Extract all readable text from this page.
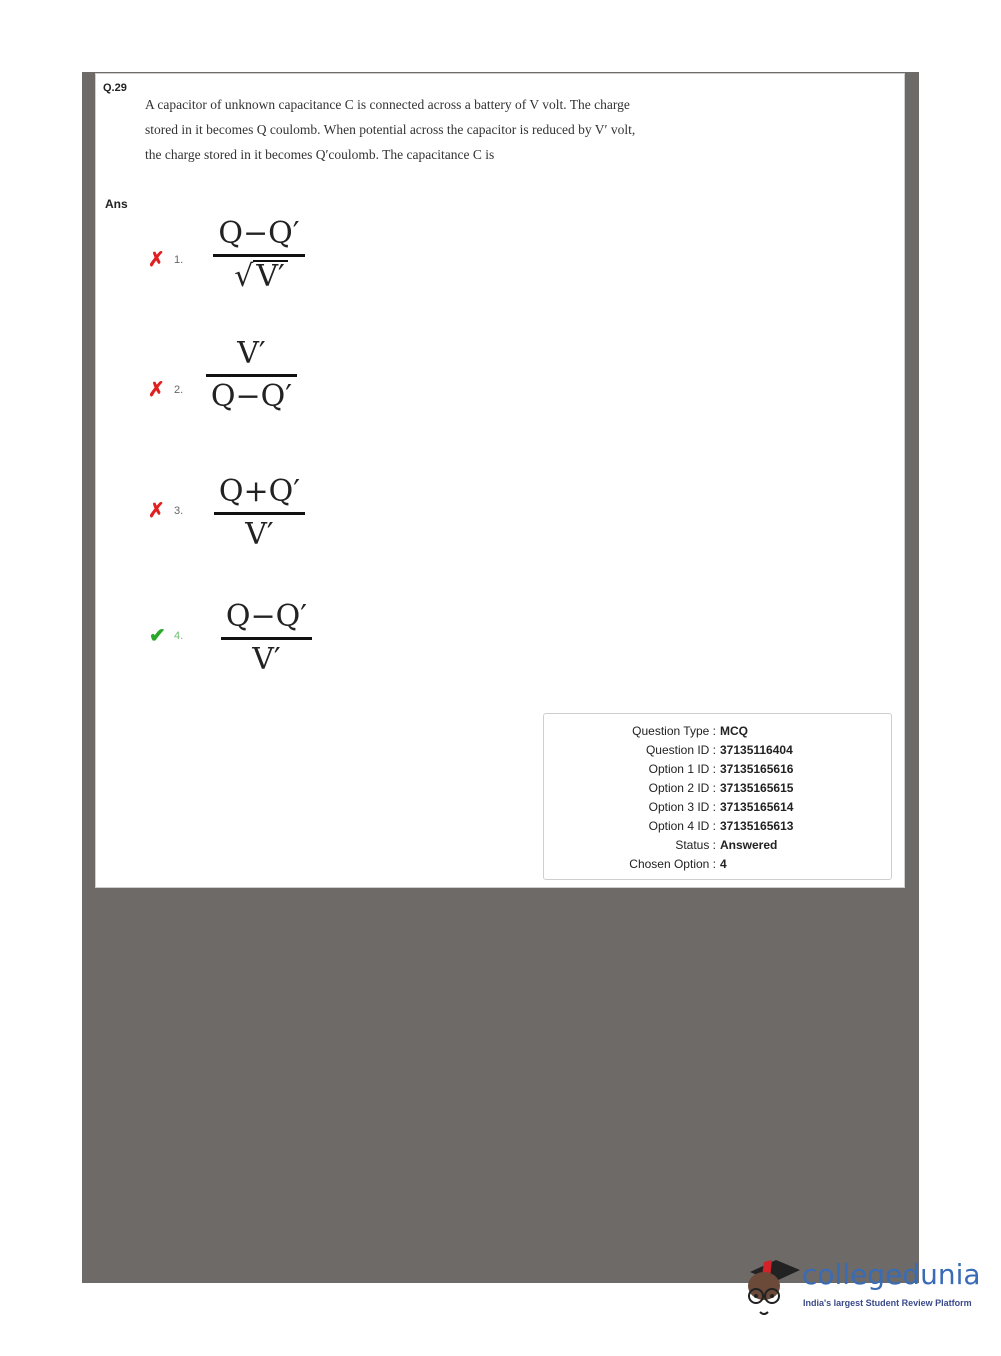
Q.29
A capacitor of unknown capacitance C is connected across a battery of V volt. The charge stored in it becomes Q coulomb. When potential across the capacitor is reduced by V′ volt, the charge stored in it becomes Q′coulomb. The capacitance C is
Ans
✗ 1.
Q−Q′
√ V′
✗ 2.
V′
Q−Q′
✗ 3.
Q+Q′
V′
✔ 4.
Q−Q′
V′
Question Type : MCQ
Question ID : 37135116404
Option 1 ID : 37135165616
Option 2 ID : 37135165615
Option 3 ID : 37135165614
Option 4 ID : 37135165613
Status : Answered
Chosen Option : 4
collegedunia
India's largest Student Review Platform
